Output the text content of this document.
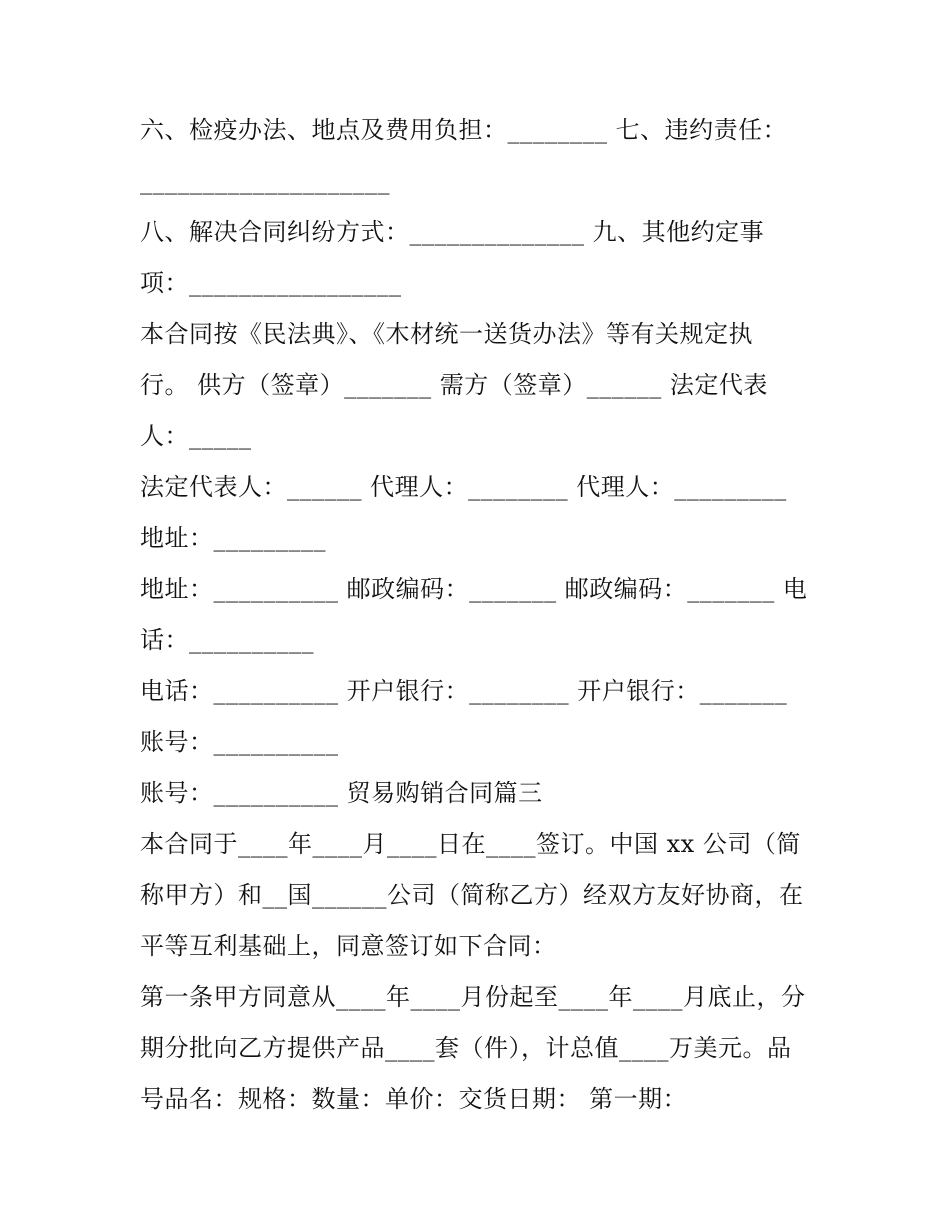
六、检疫办法、地点及费用负担：________ 七、违约责任：
____________________
八、解决合同纠纷方式：______________ 九、其他约定事
项：_________________
本合同按《民法典》、《木材统一送货办法》等有关规定执
行。 供方（签章）_______ 需方（签章）______ 法定代表
人：_____
法定代表人：______ 代理人：________ 代理人：_________
地址：_________
地址：__________ 邮政编码：_______ 邮政编码：_______ 电
话：__________
电话：__________ 开户银行：________ 开户银行：_______
账号：__________
账号：__________ 贸易购销合同篇三
本合同于____年____月____日在____签订。中国 xx 公司（简
称甲方）和__国______公司（简称乙方）经双方友好协商，在
平等互利基础上，同意签订如下合同：
第一条甲方同意从____年____月份起至____年____月底止，分
期分批向乙方提供产品____套（件），计总值____万美元。品
号品名：规格：数量：单价：交货日期： 第一期：
